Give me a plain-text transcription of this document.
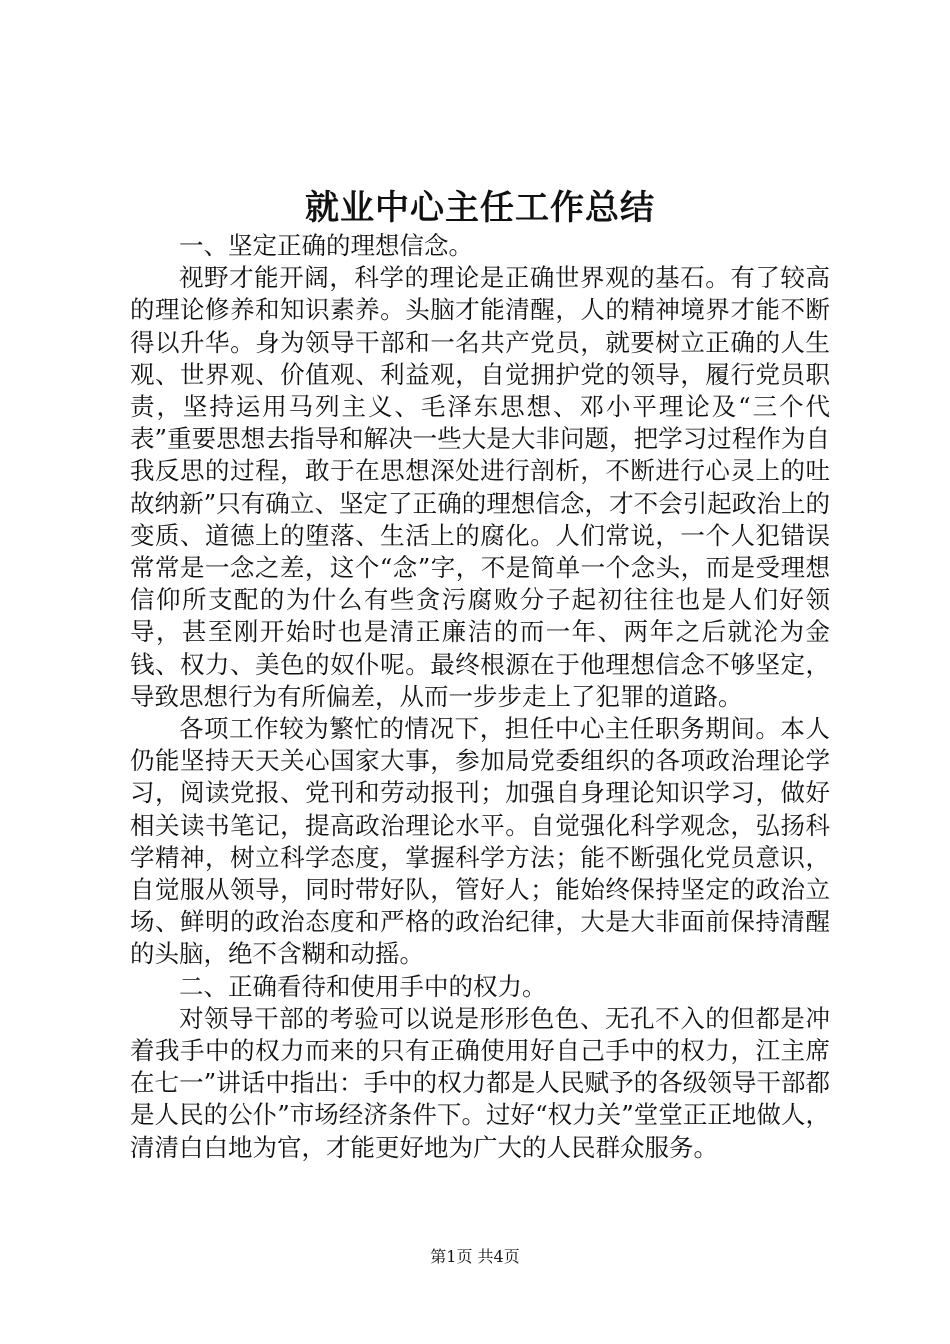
就业中心主任工作总结

一、坚定正确的理想信念。

视野才能开阔，科学的理论是正确世界观的基石。有了较高的理论修养和知识素养。头脑才能清醒，人的精神境界才能不断得以升华。身为领导干部和一名共产党员，就要树立正确的人生观、世界观、价值观、利益观，自觉拥护党的领导，履行党员职责，坚持运用马列主义、毛泽东思想、邓小平理论及“三个代表”重要思想去指导和解决一些大是大非问题，把学习过程作为自我反思的过程，敢于在思想深处进行剖析，不断进行心灵上的吐故纳新”只有确立、坚定了正确的理想信念，才不会引起政治上的变质、道德上的堕落、生活上的腐化。人们常说，一个人犯错误常常是一念之差，这个“念”字，不是简单一个念头，而是受理想信仰所支配的为什么有些贪污腐败分子起初往往也是人们好领导，甚至刚开始时也是清正廉洁的而一年、两年之后就沦为金钱、权力、美色的奴仆呢。最终根源在于他理想信念不够坚定，导致思想行为有所偏差，从而一步步走上了犯罪的道路。

各项工作较为繁忙的情况下，担任中心主任职务期间。本人仍能坚持天天关心国家大事，参加局党委组织的各项政治理论学习，阅读党报、党刊和劳动报刊；加强自身理论知识学习，做好相关读书笔记，提高政治理论水平。自觉强化科学观念，弘扬科学精神，树立科学态度，掌握科学方法；能不断强化党员意识，自觉服从领导，同时带好队，管好人；能始终保持坚定的政治立场、鲜明的政治态度和严格的政治纪律，大是大非面前保持清醒的头脑，绝不含糊和动摇。

二、正确看待和使用手中的权力。

对领导干部的考验可以说是形形色色、无孔不入的但都是冲着我手中的权力而来的只有正确使用好自己手中的权力，江主席在七一”讲话中指出：手中的权力都是人民赋予的各级领导干部都是人民的公仆”市场经济条件下。过好“权力关”堂堂正正地做人，清清白白地为官，才能更好地为广大的人民群众服务。

第1页 共4页
